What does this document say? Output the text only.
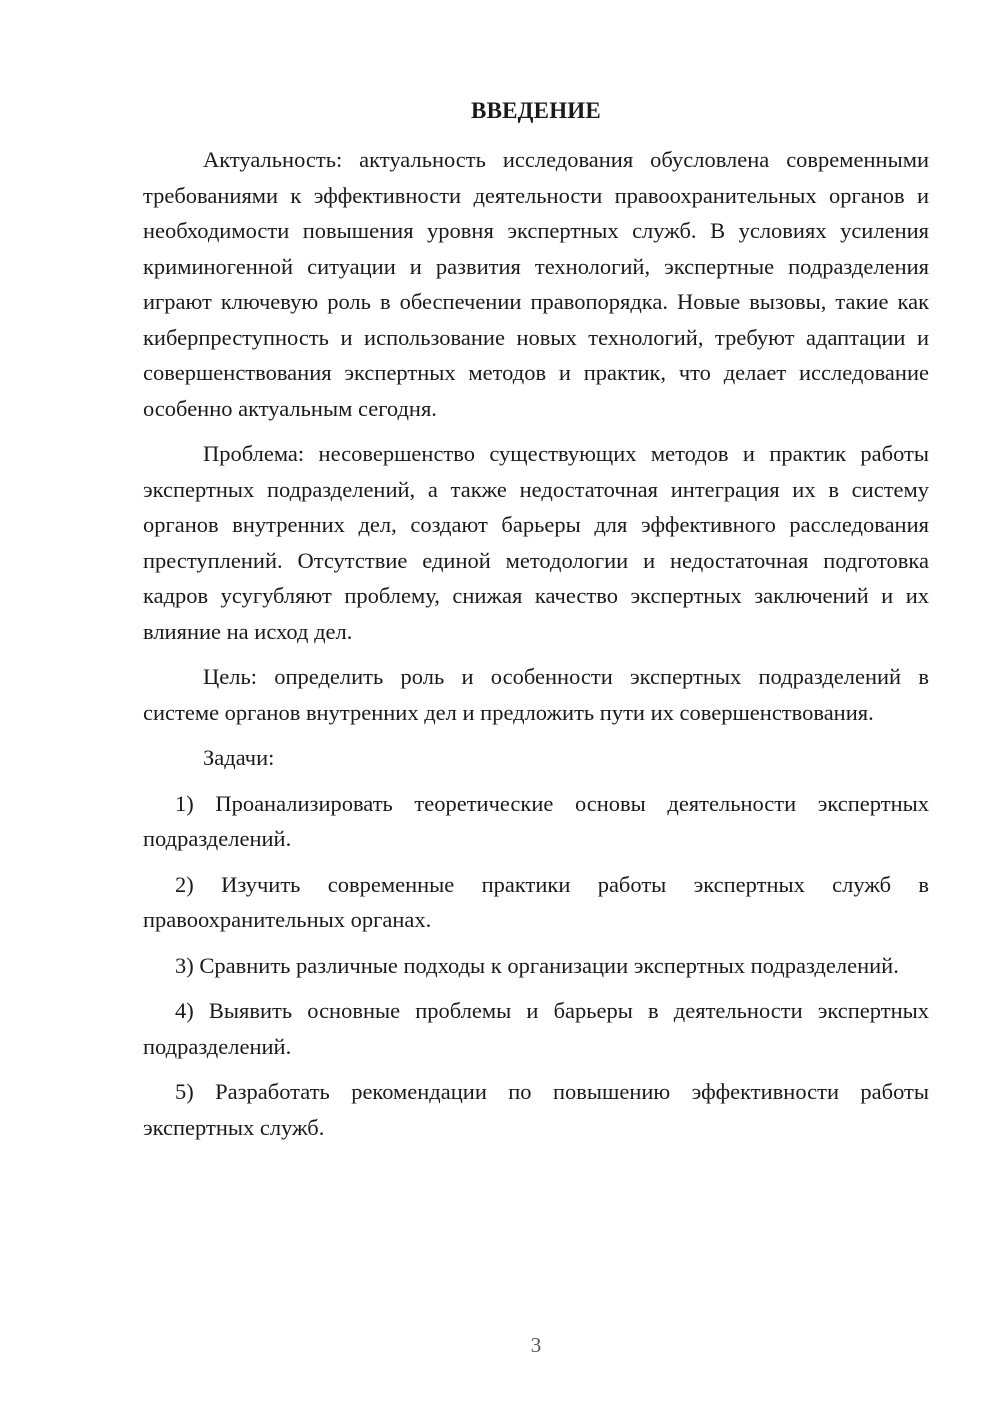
ВВЕДЕНИЕ

Актуальность: актуальность исследования обусловлена современными требованиями к эффективности деятельности правоохранительных органов и необходимости повышения уровня экспертных служб. В условиях усиления криминогенной ситуации и развития технологий, экспертные подразделения играют ключевую роль в обеспечении правопорядка. Новые вызовы, такие как киберпреступность и использование новых технологий, требуют адаптации и совершенствования экспертных методов и практик, что делает исследование особенно актуальным сегодня.

Проблема: несовершенство существующих методов и практик работы экспертных подразделений, а также недостаточная интеграция их в систему органов внутренних дел, создают барьеры для эффективного расследования преступлений. Отсутствие единой методологии и недостаточная подготовка кадров усугубляют проблему, снижая качество экспертных заключений и их влияние на исход дел.

Цель: определить роль и особенности экспертных подразделений в системе органов внутренних дел и предложить пути их совершенствования.

Задачи:

1) Проанализировать теоретические основы деятельности экспертных подразделений.

2) Изучить современные практики работы экспертных служб в правоохранительных органах.

3) Сравнить различные подходы к организации экспертных подразделений.

4) Выявить основные проблемы и барьеры в деятельности экспертных подразделений.

5) Разработать рекомендации по повышению эффективности работы экспертных служб.

3
